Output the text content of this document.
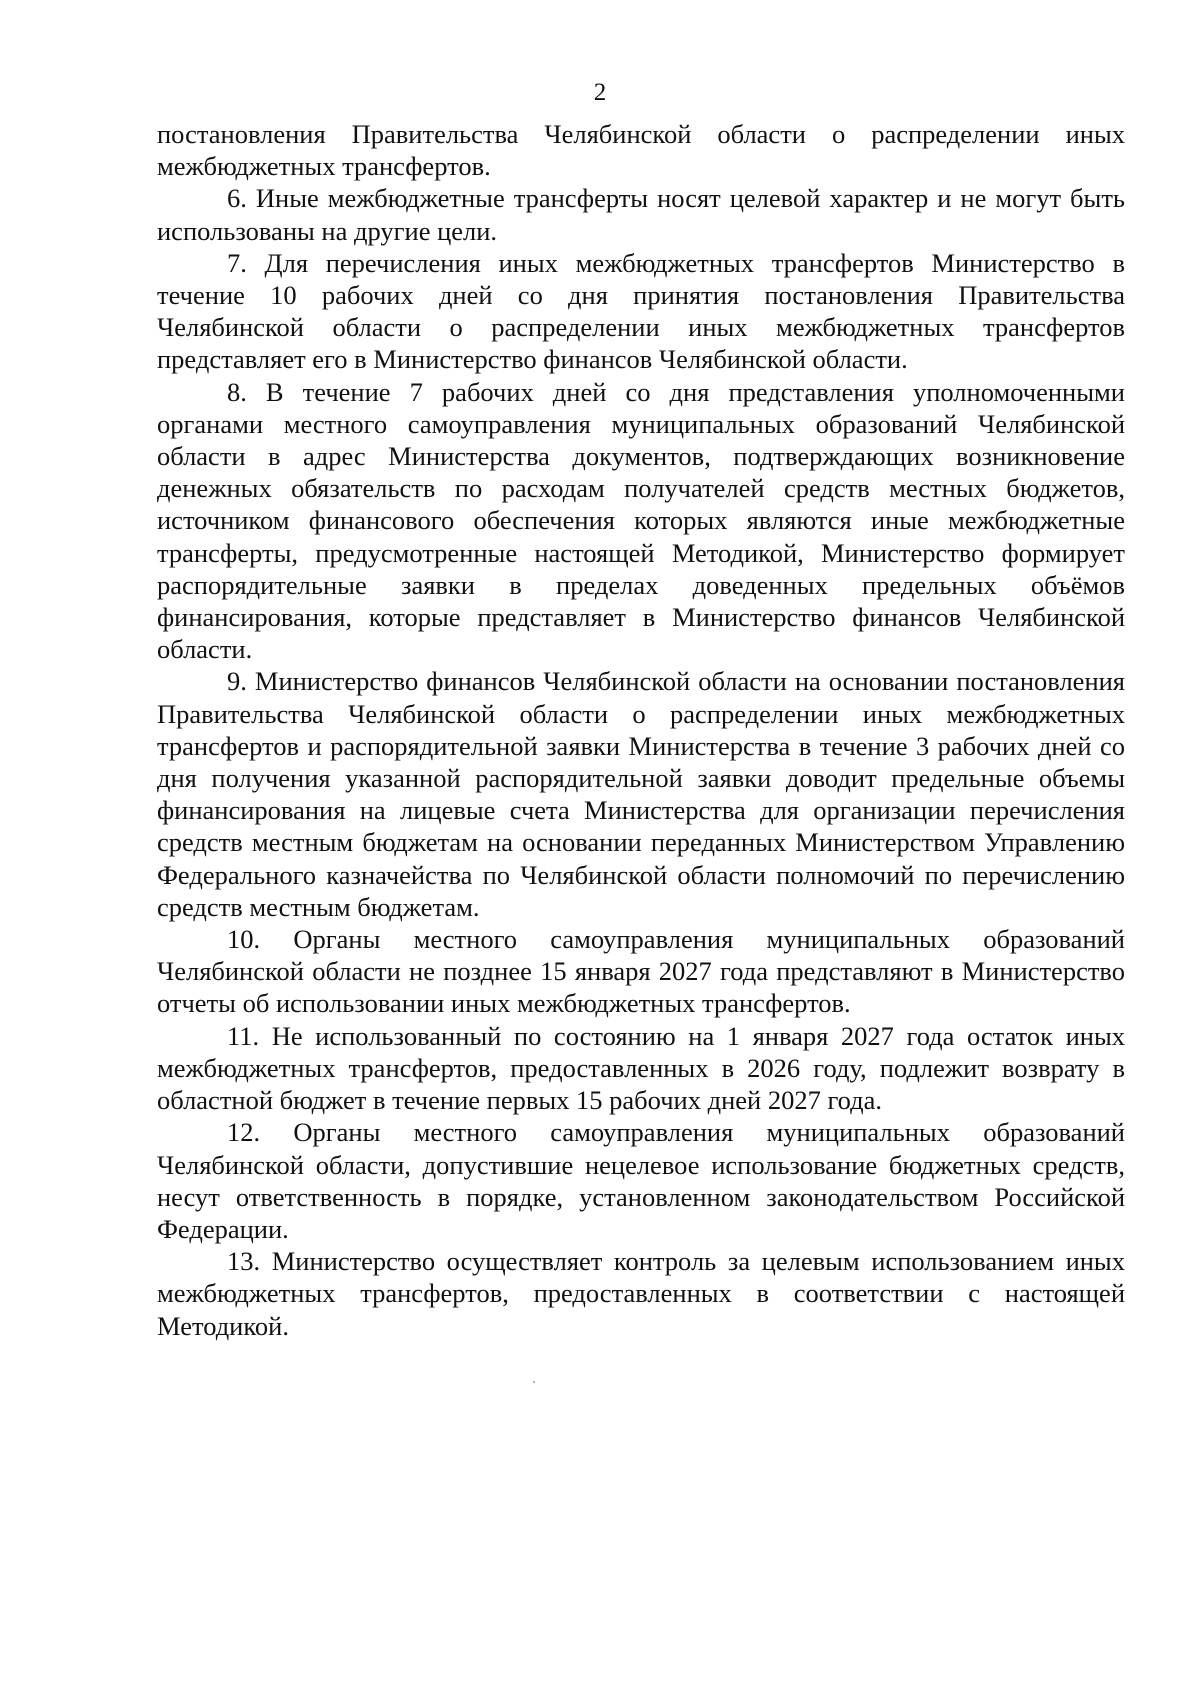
2

постановления Правительства Челябинской области о распределении иных межбюджетных трансфертов.

6. Иные межбюджетные трансферты носят целевой характер и не могут быть использованы на другие цели.

7. Для перечисления иных межбюджетных трансфертов Министерство в течение 10 рабочих дней со дня принятия постановления Правительства Челябинской области о распределении иных межбюджетных трансфертов представляет его в Министерство финансов Челябинской области.

8. В течение 7 рабочих дней со дня представления уполномоченными органами местного самоуправления муниципальных образований Челябинской области в адрес Министерства документов, подтверждающих возникновение денежных обязательств по расходам получателей средств местных бюджетов, источником финансового обеспечения которых являются иные межбюджетные трансферты, предусмотренные настоящей Методикой, Министерство формирует распорядительные заявки в пределах доведенных предельных объёмов финансирования, которые представляет в Министерство финансов Челябинской области.

9. Министерство финансов Челябинской области на основании постановления Правительства Челябинской области о распределении иных межбюджетных трансфертов и распорядительной заявки Министерства в течение 3 рабочих дней со дня получения указанной распорядительной заявки доводит предельные объемы финансирования на лицевые счета Министерства для организации перечисления средств местным бюджетам на основании переданных Министерством Управлению Федерального казначейства по Челябинской области полномочий по перечислению средств местным бюджетам.

10. Органы местного самоуправления муниципальных образований Челябинской области не позднее 15 января 2027 года представляют в Министерство отчеты об использовании иных межбюджетных трансфертов.

11. Не использованный по состоянию на 1 января 2027 года остаток иных межбюджетных трансфертов, предоставленных в 2026 году, подлежит возврату в областной бюджет в течение первых 15 рабочих дней 2027 года.

12. Органы местного самоуправления муниципальных образований Челябинской области, допустившие нецелевое использование бюджетных средств, несут ответственность в порядке, установленном законодательством Российской Федерации.

13. Министерство осуществляет контроль за целевым использованием иных межбюджетных трансфертов, предоставленных в соответствии с настоящей Методикой.
